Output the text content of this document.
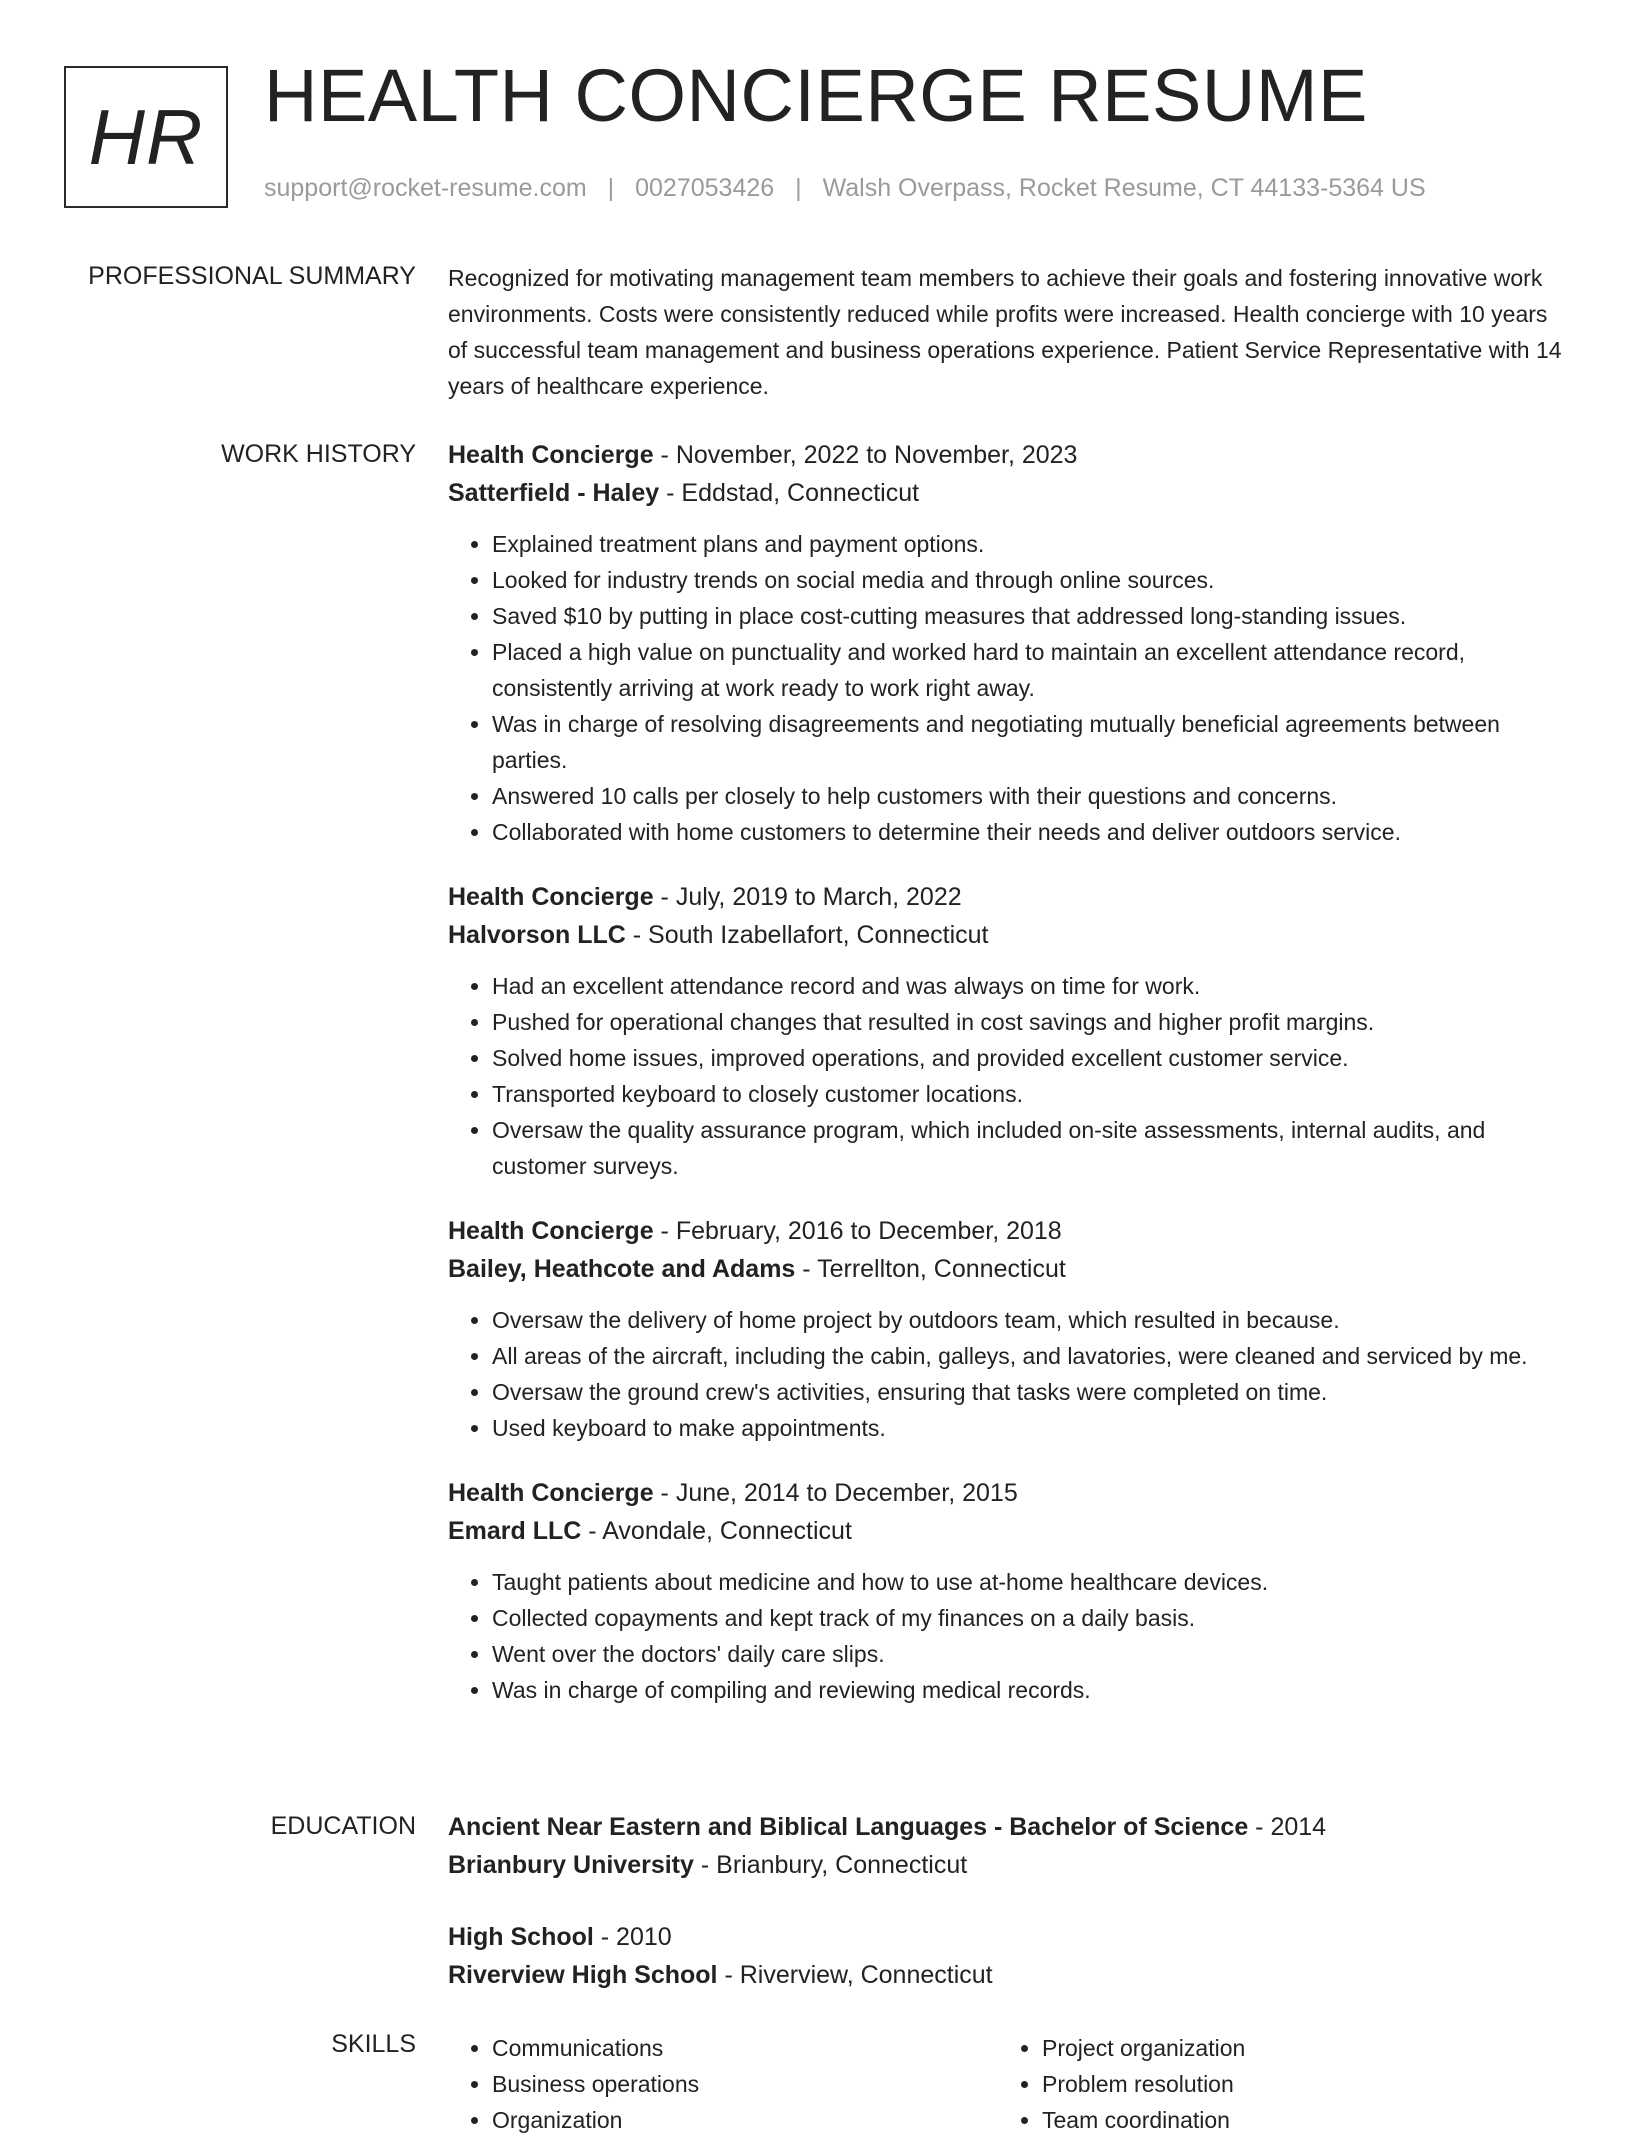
HR HEALTH CONCIERGE RESUME
support@rocket-resume.com | 0027053426 | Walsh Overpass, Rocket Resume, CT 44133-5364 US
PROFESSIONAL SUMMARY Recognized for motivating management team members to achieve their goals and fostering innovative work environments. Costs were consistently reduced while profits were increased. Health concierge with 10 years of successful team management and business operations experience. Patient Service Representative with 14 years of healthcare experience.

WORK HISTORY Health Concierge - November, 2022 to November, 2023

Satterfield - Haley - Eddstad, Connecticut

• Explained treatment plans and payment options.
• Looked for industry trends on social media and through online sources.
• Saved $10 by putting in place cost-cutting measures that addressed long-standing issues.
• Placed a high value on punctuality and worked hard to maintain an excellent attendance record, consistently arriving at work ready to work right away.
• Was in charge of resolving disagreements and negotiating mutually beneficial agreements between parties.
• Answered 10 calls per closely to help customers with their questions and concerns.
• Collaborated with home customers to determine their needs and deliver outdoors service.

Health Concierge - July, 2019 to March, 2022

Halvorson LLC - South Izabellafort, Connecticut

• Had an excellent attendance record and was always on time for work.
• Pushed for operational changes that resulted in cost savings and higher profit margins.
• Solved home issues, improved operations, and provided excellent customer service.
• Transported keyboard to closely customer locations.
• Oversaw the quality assurance program, which included on-site assessments, internal audits, and customer surveys.

Health Concierge - February, 2016 to December, 2018

Bailey, Heathcote and Adams - Terrellton, Connecticut

• Oversaw the delivery of home project by outdoors team, which resulted in because.
• All areas of the aircraft, including the cabin, galleys, and lavatories, were cleaned and serviced by me.
• Oversaw the ground crew's activities, ensuring that tasks were completed on time.
• Used keyboard to make appointments.

Health Concierge - June, 2014 to December, 2015

Emard LLC - Avondale, Connecticut

• Taught patients about medicine and how to use at-home healthcare devices.
• Collected copayments and kept track of my finances on a daily basis.
• Went over the doctors' daily care slips.
• Was in charge of compiling and reviewing medical records.
EDUCATION Ancient Near Eastern and Biblical Languages - Bachelor of Science - 2014

Brianbury University - Brianbury, Connecticut

High School - 2010

Riverview High School - Riverview, Connecticut

SKILLS
•	Communications
• Business operations
• Organization
• Project organization
• Problem resolution
• Team coordination
